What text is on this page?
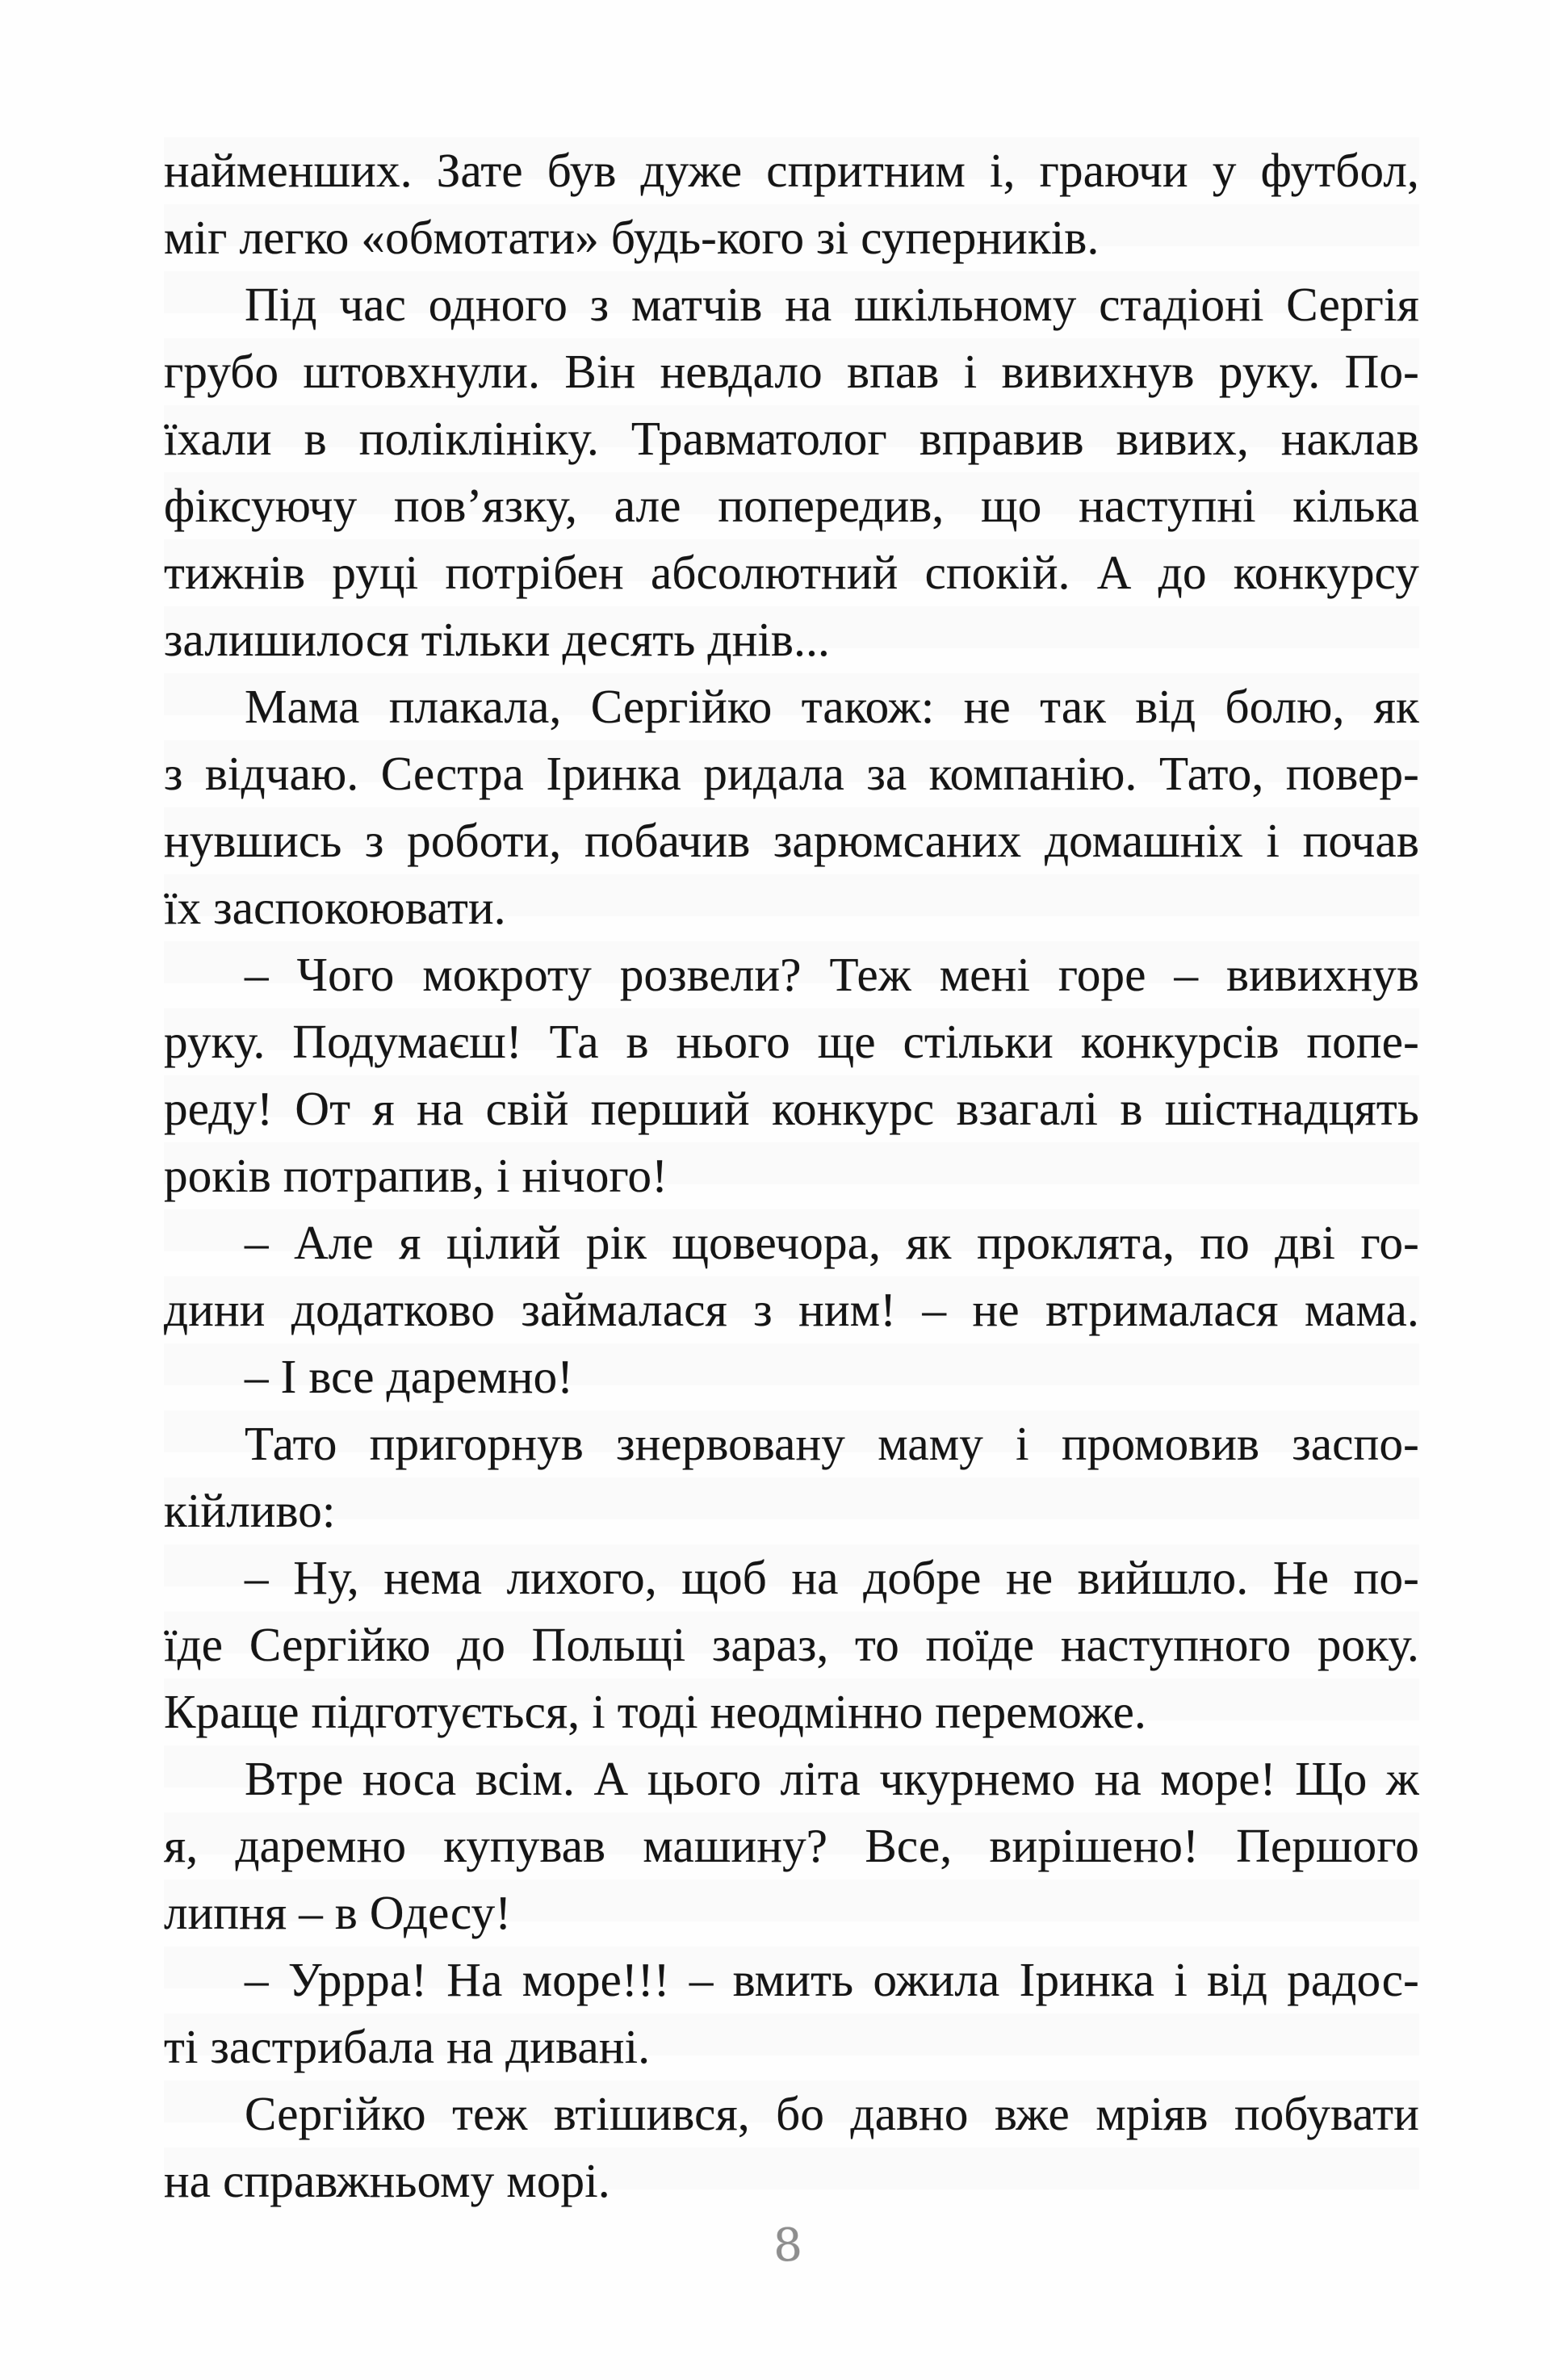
найменших. Зате був дуже спритним і, граючи у футбол,
міг легко «обмотати» будь-кого зі суперників.
Під час одного з матчів на шкільному стадіоні Сергія
грубо штовхнули. Він невдало впав і вивихнув руку. По-
їхали в поліклініку. Травматолог вправив вивих, наклав
фіксуючу пов’язку, але попередив, що наступні кілька
тижнів руці потрібен абсолютний спокій. А до конкурсу
залишилося тільки десять днів...
Мама плакала, Сергійко також: не так від болю, як
з відчаю. Сестра Іринка ридала за компанію. Тато, повер-
нувшись з роботи, побачив зарюмсаних домашніх і почав
їх заспокоювати.
– Чого мокроту розвели? Теж мені горе – вивихнув
руку. Подумаєш! Та в нього ще стільки конкурсів попе-
реду! От я на свій перший конкурс взагалі в шістнадцять
років потрапив, і нічого!
– Але я цілий рік щовечора, як проклята, по дві го-
дини додатково займалася з ним! – не втрималася мама.
– І все даремно!
Тато пригорнув знервовану маму і промовив заспо-
кійливо:
– Ну, нема лихого, щоб на добре не вийшло. Не по-
їде Сергійко до Польщі зараз, то поїде наступного року.
Краще підготується, і тоді неодмінно переможе.
Втре носа всім. А цього літа чкурнемо на море! Що ж
я, даремно купував машину? Все, вирішено! Першого
липня – в Одесу!
– Уррра! На море!!! – вмить ожила Іринка і від радос-
ті застрибала на дивані.
Сергійко теж втішився, бо давно вже мріяв побувати
на справжньому морі.
8
